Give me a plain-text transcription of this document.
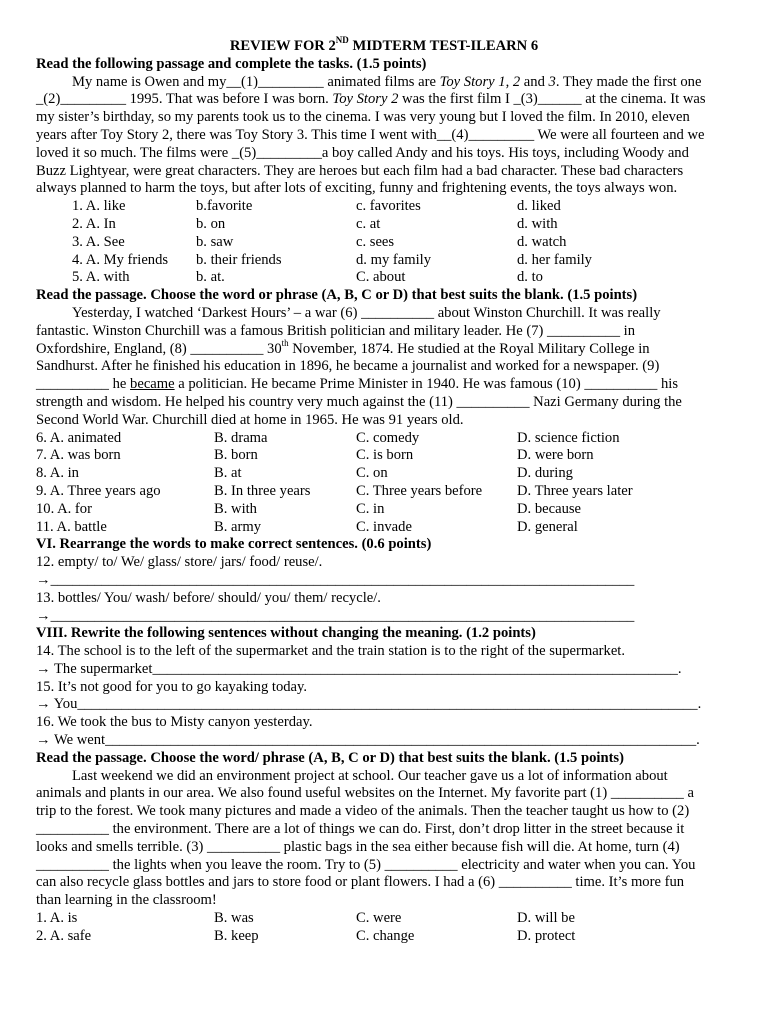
REVIEW FOR 2ND MIDTERM TEST-ILEARN 6
Read the following passage and complete the tasks. (1.5 points)
My name is Owen and my__(1)_________ animated films are Toy Story 1, 2 and 3. They made the first one
_(2)_________ 1995. That was before I was born. Toy Story 2 was the first film I _(3)______ at the cinema. It was
my sister’s birthday, so my parents took us to the cinema. I was very young but I loved the film. In 2010, eleven
years after Toy Story 2, there was Toy Story 3. This time I went with__(4)_________ We were all fourteen and we
loved it so much. The films were _(5)_________a boy called Andy and his toys. His toys, including Woody and
Buzz Lightyear, were great characters. They are heroes but each film had a bad character. These bad characters
always planned to harm the toys, but after lots of exciting, funny and frightening events, the toys always won.
1. A. like	b.favorite	c. favorites	d. liked
2. A. In	b. on	c. at	d. with
3. A. See	b. saw	c. sees	d. watch
4. A. My friends b. their friends	d. my family	d. her family
5. A. with	b. at.	C. about	d. to
Read the passage. Choose the word or phrase (A, B, C or D) that best suits the blank. (1.5 points)
Yesterday, I watched ‘Darkest Hours’ – a war (6) __________ about Winston Churchill. It was really
fantastic. Winston Churchill was a famous British politician and military leader. He (7) __________ in
Oxfordshire, England, (8) __________ 30th November, 1874. He studied at the Royal Military College in
Sandhurst. After he finished his education in 1896, he became a journalist and worked for a newspaper. (9)
__________ he became a politician. He became Prime Minister in 1940. He was famous (10) __________ his
strength and wisdom. He helped his country very much against the (11) __________ Nazi Germany during the
Second World War. Churchill died at home in 1965. He was 91 years old.
6. A. animated	B. drama	C. comedy	D. science fiction
7. A. was born	B. born	C. is born	D. were born
8. A. in	B. at	C. on	D. during
9. A. Three years ago	B. In three years	C. Three years before D. Three years later
10. A. for	B. with	C. in	D. because
11. A. battle	B. army	C. invade	D. general
VI. Rearrange the words to make correct sentences. (0.6 points)
12. empty/ to/ We/ glass/ store/ jars/ food/ reuse/.
→________________________________________________________________________________
13. bottles/ You/ wash/ before/ should/ you/ them/ recycle/.
→________________________________________________________________________________
VIII. Rewrite the following sentences without changing the meaning. (1.2 points)
14. The school is to the left of the supermarket and the train station is to the right of the supermarket.
→ The supermarket________________________________________________________________________.
15. It’s not good for you to go kayaking today.
→ You_____________________________________________________________________________________.
16. We took the bus to Misty canyon yesterday.
→ We went_________________________________________________________________________________.
Read the passage. Choose the word/ phrase (A, B, C or D) that best suits the blank. (1.5 points)
Last weekend we did an environment project at school. Our teacher gave us a lot of information about
animals and plants in our area. We also found useful websites on the Internet. My favorite part (1) __________ a
trip to the forest. We took many pictures and made a video of the animals. Then the teacher taught us how to (2)
__________ the environment. There are a lot of things we can do. First, don’t drop litter in the street because it
looks and smells terrible. (3) __________ plastic bags in the sea either because fish will die. At home, turn (4)
__________ the lights when you leave the room. Try to (5) __________ electricity and water when you can. You
can also recycle glass bottles and jars to store food or plant flowers. I had a (6) __________ time. It’s more fun
than learning in the classroom!
1. A. is	B. was	C. were	D. will be
2. A. safe	B. keep	C. change	D. protect
